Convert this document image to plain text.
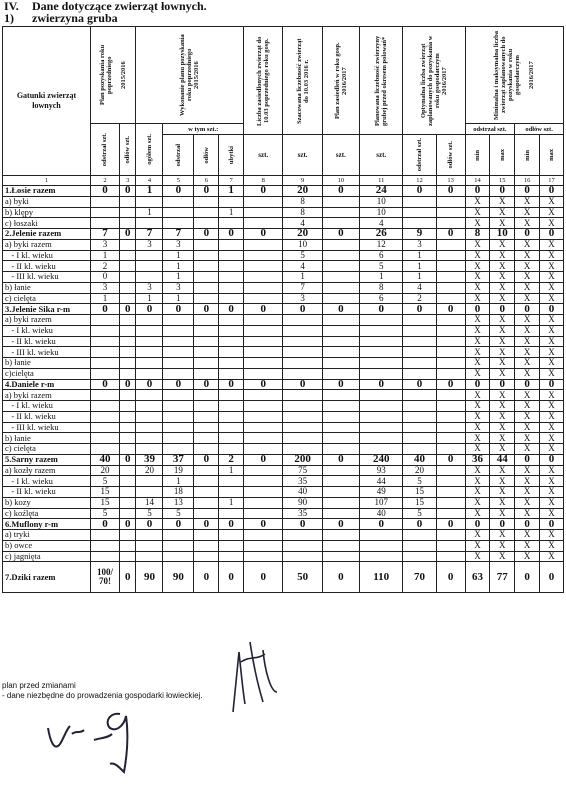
IV. Dane dotyczące zwierząt łownych.
1) zwierzyna gruba
Gatunki zwierząt łownych	Plan pozyskania roku poprzedniego 2015/2016		Wykonanie planu pozyskania roku poprzedniego
2015/2016				Liczba zasiedlonych zwierząt do 10.03 poprzedniego roku gosp.	Szacowana liczebność zwierząt do 10.03 2016 r.	Plan zasiedleń w roku gosp. 2016/2017	Planowana liczebność zwierzyny grubej przed okresem polowań*	Optymalna liczba zwierząt zaplanowanych do pozyskania w roku gospodarczym
2016/2017		Minimalna i maksymalna liczba zwierząt zaplanowanych do pozyskania w roku gospodarczym 2016/2017			

	odstrzał szt.	odłów szt.	ogółem szt.	w tym szt.:									odstrzał szt.		odłów szt.	

				odstrzał	odłów	ubytki	szt.	szt.	szt.	szt.	odstrzał szt.	odłów szt.	min	max	min	max

1	2	3	4	5	6	7	8	9	10	11	12	13	14	15	16	17
1.Łosie razem	0	0	1	0	0	1	0	20	0	24	0	0	0	0	0	0
a) byki								8		10			X	X	X	X
b) klępy			1			1		8		10			X	X	X	X
c) łoszaki								4		4			X	X	X	X
2.Jelenie razem	7	0	7	7	0	0	0	20	0	26	9	0	8	10	0	0
a) byki razem	3		3	3				10		12	3		X	X	X	X
- I kl. wieku	1			1				5		6	1		X	X	X	X
- II kl. wieku	2			1				4		5	1		X	X	X	X
- III kl. wieku	0			1				1		1	1		X	X	X	X
b) łanie	3		3	3				7		8	4		X	X	X	X
c) cielęta	1		1	1				3		6	2		X	X	X	X
3.Jelenie Sika r-m	0	0	0	0	0	0	0	0	0	0	0	0	0	0	0	0
a) byki razem													X	X	X	X
- I kl. wieku													X	X	X	X
- II kl. wieku													X	X	X	X
- III kl. wieku													X	X	X	X
b) łanie													X	X	X	X
c)cielęta													X	X	X	X
4.Daniele r-m	0	0	0	0	0	0	0	0	0	0	0	0	0	0	0	0
a) byki razem													X	X	X	X
- I kl. wieku													X	X	X	X
- II kl. wieku													X	X	X	X
- III kl. wieku													X	X	X	X
b) łanie													X	X	X	X
c) cielęta													X	X	X	X
5.Sarny razem	40	0	39	37	0	2	0	200	0	240	40	0	36	44	0	0
a) kozły razem	20		20	19		1		75		93	20		X	X	X	X
- I kl. wieku	5			1				35		44	5		X	X	X	X
- II kl. wieku	15			18				40		49	15		X	X	X	X
b) kozy	15		14	13		1		90		107	15		X	X	X	X
c) koźlęta	5		5	5				35		40	5		X	X	X	X
6.Muflony r-m	0	0	0	0	0	0	0	0	0	0	0	0	0	0	0	0
a) tryki													X	X	X	X
b) owce													X	X	X	X
c) jagnięta													X	X	X	X
7.Dziki razem	100/ 70!	0	90	90	0	0	0	50	0	110	70	0	63	77	0	0
plan przed zmianami
- dane niezbędne do prowadzenia gospodarki łowieckiej.
